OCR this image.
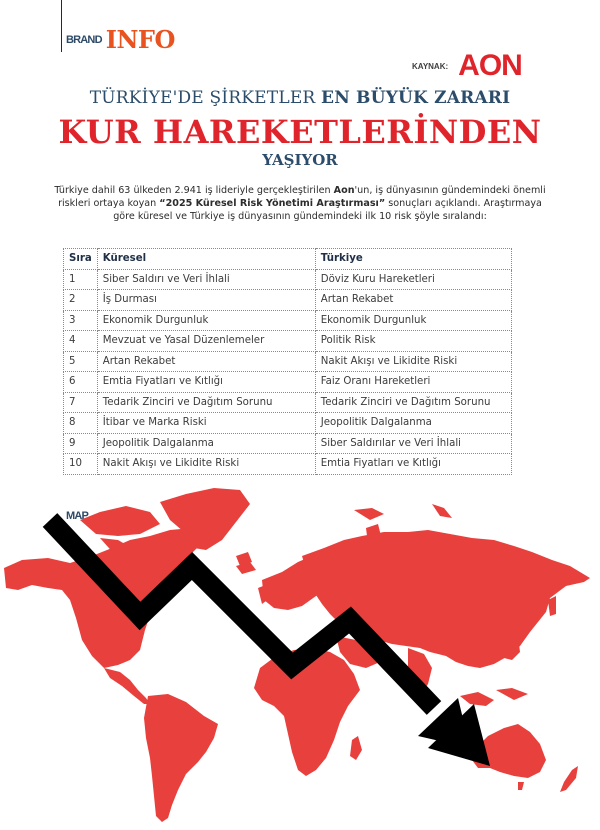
BRAND
MAP.
INFO
KAYNAK: AON
TÜRKİYE'DE ŞİRKETLER EN BÜYÜK ZARARI
KUR HAREKETLERİNDEN
YAŞIYOR

Türkiye dahil 63 ülkeden 2.941 iş lideriyle gerçekleştirilen Aon'un, iş dünyasının gündemindeki önemli riskleri ortaya koyan “2025 Küresel Risk Yönetimi Araştırması” sonuçları açıklandı. Araştırmaya göre küresel ve Türkiye iş dünyasının gündemindeki ilk 10 risk şöyle sıralandı:

Sıra	Küresel	Türkiye
1	Siber Saldırı ve Veri İhlali	Döviz Kuru Hareketleri
2	İş Durması	Artan Rekabet
3	Ekonomik Durgunluk	Ekonomik Durgunluk
4	Mevzuat ve Yasal Düzenlemeler	Politik Risk
5	Artan Rekabet	Nakit Akışı ve Likidite Riski
6	Emtia Fiyatları ve Kıtlığı	Faiz Oranı Hareketleri
7	Tedarik Zinciri ve Dağıtım Sorunu	Tedarik Zinciri ve Dağıtım Sorunu
8	İtibar ve Marka Riski	Jeopolitik Dalgalanma
9	Jeopolitik Dalgalanma	Siber Saldırılar ve Veri İhlali
10	Nakit Akışı ve Likidite Riski	Emtia Fiyatları ve Kıtlığı
